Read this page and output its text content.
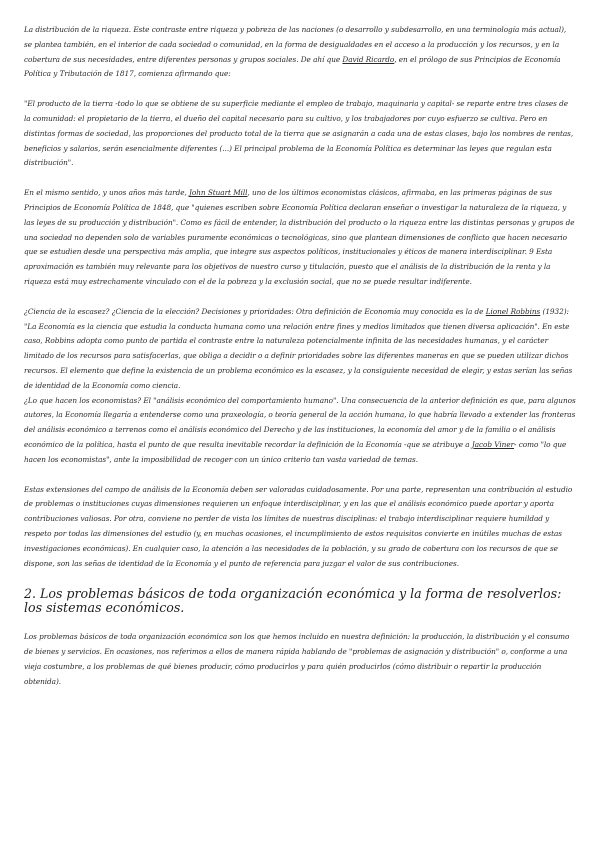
La distribución de la riqueza. Este contraste entre riqueza y pobreza de las naciones (o desarrollo y subdesarrollo, en una terminología más actual), se plantea también, en el interior de cada sociedad o comunidad, en la forma de desigualdades en el acceso a la producción y los recursos, y en la cobertura de sus necesidades, entre diferentes personas y grupos sociales. De ahí que David Ricardo, en el prólogo de sus Principios de Economía Política y Tributación de 1817, comienza afirmando que:

"El producto de la tierra -todo lo que se obtiene de su superficie mediante el empleo de trabajo, maquinaria y capital- se reparte entre tres clases de la comunidad: el propietario de la tierra, el dueño del capital necesario para su cultivo, y los trabajadores por cuyo esfuerzo se cultiva. Pero en distintas formas de sociedad, las proporciones del producto total de la tierra que se asignarán a cada una de estas clases, bajo los nombres de rentas, beneficios y salarios, serán esencialmente diferentes (...) El principal problema de la Economía Política es determinar las leyes que regulan esta distribución".

En el mismo sentido, y unos años más tarde, John Stuart Mill, uno de los últimos economistas clásicos, afirmaba, en las primeras páginas de sus Principios de Economía Política de 1848, que "quienes escriben sobre Economía Política declaran enseñar o investigar la naturaleza de la riqueza, y las leyes de su producción y distribución". Como es fácil de entender, la distribución del producto o la riqueza entre las distintas personas y grupos de una sociedad no dependen solo de variables puramente económicas o tecnológicas, sino que plantean dimensiones de conflicto que hacen necesario que se estudien desde una perspectiva más amplia, que integre sus aspectos políticos, institucionales y éticos de manera interdisciplinar. 9 Esta aproximación es también muy relevante para los objetivos de nuestro curso y titulación, puesto que el análisis de la distribución de la renta y la riqueza está muy estrechamente vinculado con el de la pobreza y la exclusión social, que no se puede resultar indiferente.

¿Ciencia de la escasez? ¿Ciencia de la elección? Decisiones y prioridades: Otra definición de Economía muy conocida es la de Lionel Robbins (1932): "La Economía es la ciencia que estudia la conducta humana como una relación entre fines y medios limitados que tienen diversa aplicación". En este caso, Robbins adopta como punto de partida el contraste entre la naturaleza potencialmente infinita de las necesidades humanas, y el carácter limitado de los recursos para satisfacerlas, que obliga a decidir o a definir prioridades sobre las diferentes maneras en que se pueden utilizar dichos recursos. El elemento que define la existencia de un problema económico es la escasez, y la consiguiente necesidad de elegir, y estas serían las señas de identidad de la Economía como ciencia.

¿Lo que hacen los economistas? El "análisis económico del comportamiento humano". Una consecuencia de la anterior definición es que, para algunos autores, la Economía llegaría a entenderse como una praxeología, o teoría general de la acción humana, lo que habría llevado a extender las fronteras del análisis económico a terrenos como el análisis económico del Derecho y de las instituciones, la economía del amor y de la familia o el análisis económico de la política, hasta el punto de que resulta inevitable recordar la definición de la Economía -que se atribuye a Jacob Viner- como "lo que hacen los economistas", ante la imposibilidad de recoger con un único criterio tan vasta variedad de temas.

Estas extensiones del campo de análisis de la Economía deben ser valoradas cuidadosamente. Por una parte, representan una contribución al estudio de problemas o instituciones cuyas dimensiones requieren un enfoque interdisciplinar, y en las que el análisis económico puede aportar y aporta contribuciones valiosas. Por otra, conviene no perder de vista los límites de nuestras disciplinas: el trabajo interdisciplinar requiere humildad y respeto por todas las dimensiones del estudio (y, en muchas ocasiones, el incumplimiento de estos requisitos convierte en inútiles muchas de estas investigaciones económicas). En cualquier caso, la atención a las necesidades de la población, y su grado de cobertura con los recursos de que se dispone, son las señas de identidad de la Economía y el punto de referencia para juzgar el valor de sus contribuciones.

2. Los problemas básicos de toda organización económica y la forma de resolverlos: los sistemas económicos.

Los problemas básicos de toda organización económica son los que hemos incluido en nuestra definición: la producción, la distribución y el consumo de bienes y servicios. En ocasiones, nos referimos a ellos de manera rápida hablando de "problemas de asignación y distribución" o, conforme a una vieja costumbre, a los problemas de qué bienes producir, cómo producirlos y para quién producirlos (cómo distribuir o repartir la producción obtenida).
